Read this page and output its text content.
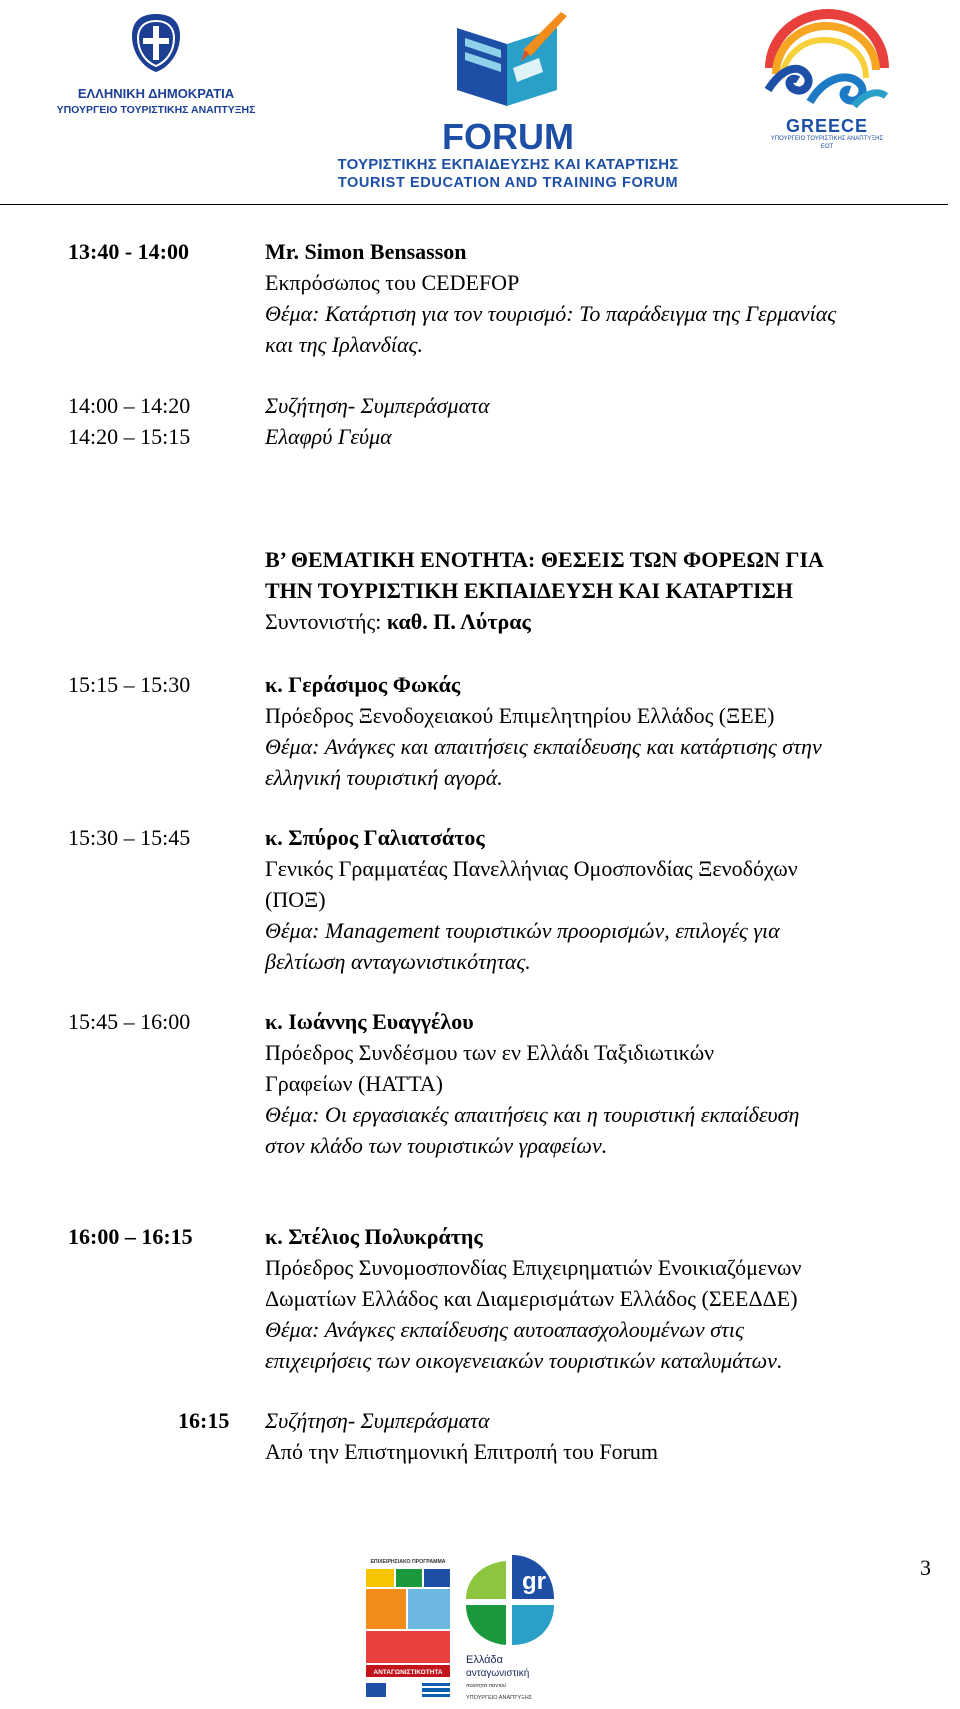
ΕΛΛΗΝΙΚΗ ΔΗΜΟΚΡΑΤΙΑ
ΥΠΟΥΡΓΕΙΟ ΤΟΥΡΙΣΤΙΚΗΣ ΑΝΑΠΤΥΞΗΣ
FORUM
ΤΟΥΡΙΣΤΙΚΗΣ ΕΚΠΑΙΔΕΥΣΗΣ ΚΑΙ ΚΑΤΑΡΤΙΣΗΣ
TOURIST EDUCATION AND TRAINING FORUM
GREECE
ΥΠΟΥΡΓΕΙΟ ΤΟΥΡΙΣΤΙΚΗΣ ΑΝΑΠΤΥΞΗΣ
ΕΟΤ
13:40 - 14:00	Mr. Simon Bensasson
Εκπρόσωπος του CEDEFOP
Θέμα: Κατάρτιση για τον τουρισμό: Το παράδειγμα της Γερμανίας
και της Ιρλανδίας.
14:00 – 14:20	Συζήτηση- Συμπεράσματα
14:20 – 15:15	Ελαφρύ Γεύμα
Β’ ΘΕΜΑΤΙΚΗ ΕΝΟΤΗΤΑ: ΘΕΣΕΙΣ ΤΩΝ ΦΟΡΕΩΝ ΓΙΑ
ΤΗΝ ΤΟΥΡΙΣΤΙΚΗ ΕΚΠΑΙΔΕΥΣΗ ΚΑΙ ΚΑΤΑΡΤΙΣΗ
Συντονιστής: καθ. Π. Λύτρας
15:15 – 15:30	κ. Γεράσιμος Φωκάς
Πρόεδρος Ξενοδοχειακού Επιμελητηρίου Ελλάδος (ΞΕΕ)
Θέμα: Ανάγκες και απαιτήσεις εκπαίδευσης και κατάρτισης στην
ελληνική τουριστική αγορά.
15:30 – 15:45	κ. Σπύρος Γαλιατσάτος
Γενικός Γραμματέας Πανελλήνιας Ομοσπονδίας Ξενοδόχων
(ΠΟΞ)
Θέμα: Management τουριστικών προορισμών, επιλογές για
βελτίωση ανταγωνιστικότητας.
15:45 – 16:00	κ. Ιωάννης Ευαγγέλου
Πρόεδρος Συνδέσμου των εν Ελλάδι Ταξιδιωτικών
Γραφείων (HATTA)
Θέμα: Οι εργασιακές απαιτήσεις και η τουριστική εκπαίδευση
στον κλάδο των τουριστικών γραφείων.
16:00 – 16:15	κ. Στέλιος Πολυκράτης
Πρόεδρος Συνομοσπονδίας Επιχειρηματιών Ενοικιαζόμενων
Δωματίων Ελλάδος και Διαμερισμάτων Ελλάδος (ΣΕΕΔΔΕ)
Θέμα: Ανάγκες εκπαίδευσης αυτοαπασχολουμένων στις
επιχειρήσεις των οικογενειακών τουριστικών καταλυμάτων.
16:15 Συζήτηση- Συμπεράσματα
Από την Επιστημονική Επιτροπή του Forum
3
ΕΠΙΧΕΙΡΗΣΙΑΚΟ ΠΡΟΓΡΑΜΜΑ
ΑΝΤΑΓΩΝΙΣΤΙΚΟΤΗΤΑ
gr
Ελλάδα
ανταγωνιστική
ποιότητα παντού
ΥΠΟΥΡΓΕΙΟ ΑΝΑΠΤΥΞΗΣ
